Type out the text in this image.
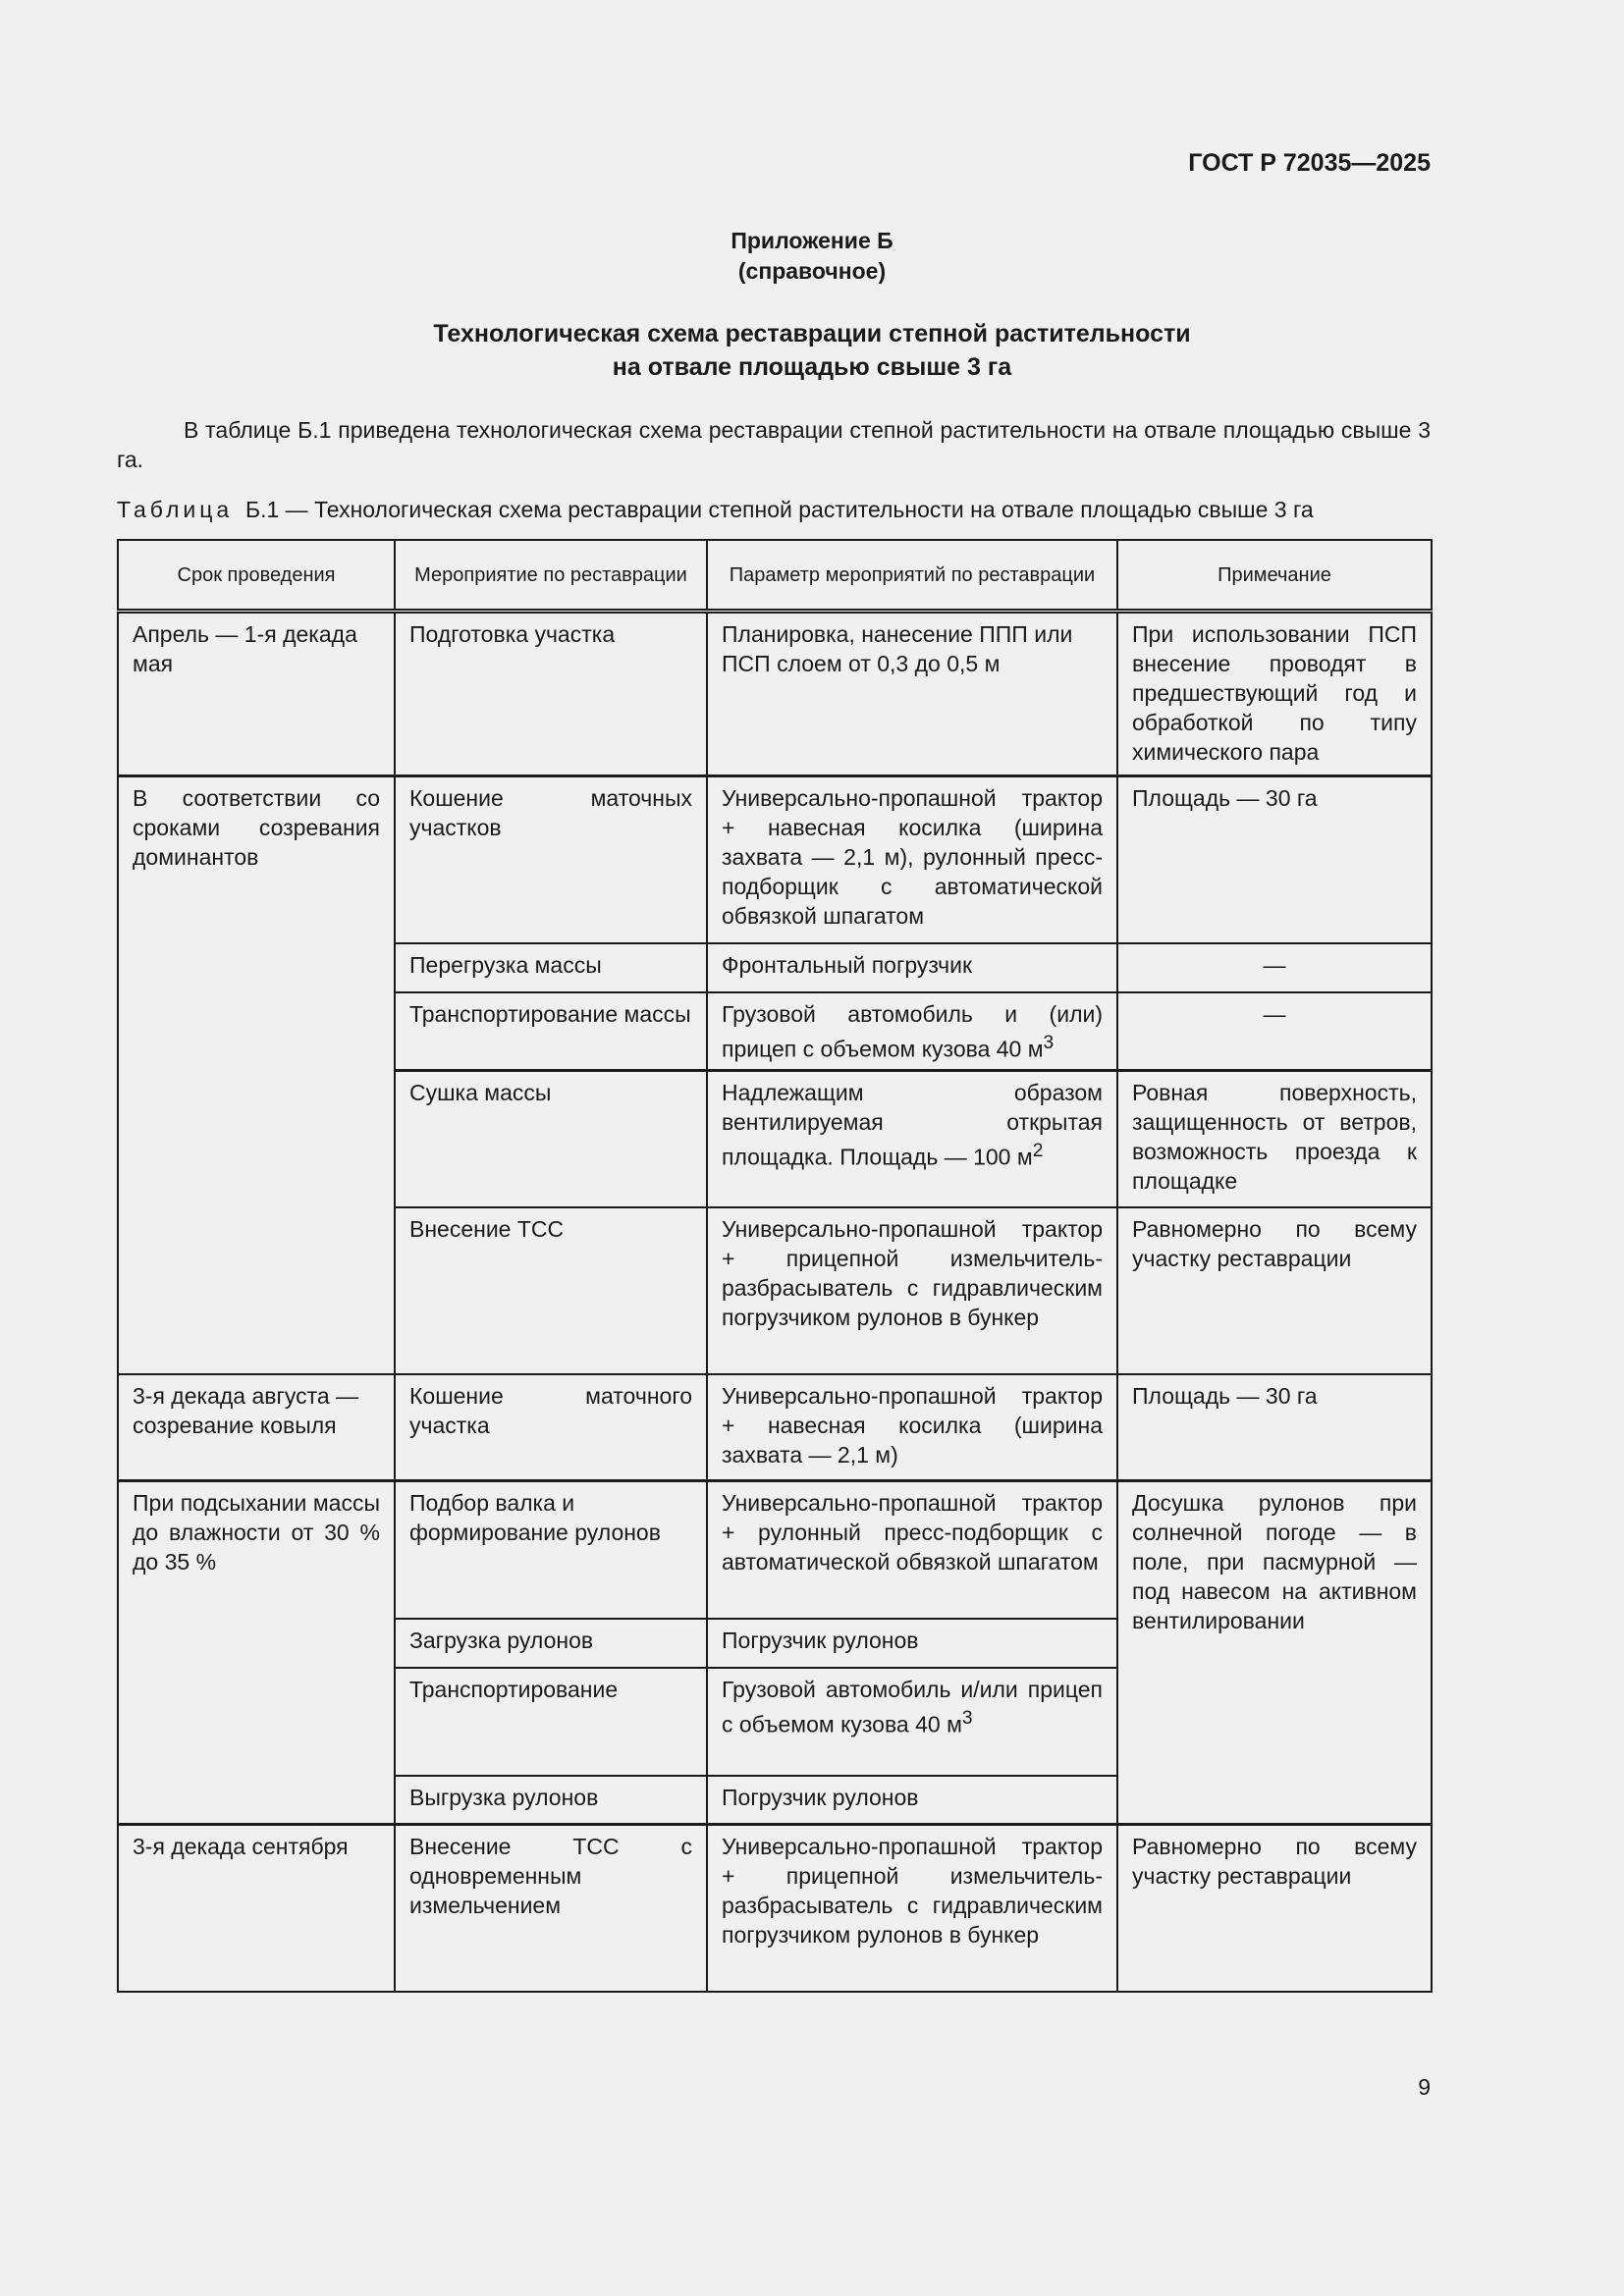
ГОСТ Р 72035—2025
Приложение Б
(справочное)
Технологическая схема реставрации степной растительности
на отвале площадью свыше 3 га
В таблице Б.1 приведена технологическая схема реставрации степной растительности на отвале площадью свыше 3 га.
Таблица Б.1 — Технологическая схема реставрации степной растительности на отвале площадью свыше 3 га
Срок проведения	Мероприятие по реставрации	Параметр мероприятий по реставрации	Примечание
Апрель — 1-я декада мая	Подготовка участка	Планировка, нанесение ППП или ПСП слоем от 0,3 до 0,5 м	При использовании ПСП внесение проводят в предшествующий год и обработкой по типу химического пара
В соответствии со сроками созревания доминантов	Кошение маточных участков	Универсально-пропашной трактор + навесная косилка (ширина захвата — 2,1 м), рулонный пресс-подборщик с автоматической обвязкой шпагатом	Площадь — 30 га
	Перегрузка массы	Фронтальный погрузчик	—
	Транспортирование массы	Грузовой автомобиль и (или) прицеп с объемом кузова 40 $м^3$	—
	Сушка массы	Надлежащим образом вентилируемая открытая площадка. Площадь — 100 $м^2$	Ровная поверхность, защищенность от ветров, возможность проезда к площадке
	Внесение ТСС	Универсально-пропашной трактор + прицепной измельчитель-разбрасыватель с гидравлическим погрузчиком рулонов в бункер	Равномерно по всему участку реставрации
3-я декада августа — созревание ковыля	Кошение маточного участка	Универсально-пропашной трактор + навесная косилка (ширина захвата — 2,1 м)	Площадь — 30 га
При подсыхании массы до влажности от 30 % до 35 %	Подбор валка и формирование рулонов	Универсально-пропашной трактор + рулонный пресс-подборщик с автоматической обвязкой шпагатом	Досушка рулонов при солнечной погоде — в поле, при пасмурной — под навесом на активном вентилировании
	Загрузка рулонов	Погрузчик рулонов	
	Транспортирование	Грузовой автомобиль и/или прицеп с объемом кузова 40 $м^3$
	Выгрузка рулонов	Погрузчик рулонов	
3-я декада сентября	Внесение ТСС с одновременным измельчением	Универсально-пропашной трактор + прицепной измельчитель-разбрасыватель с гидравлическим погрузчиком рулонов в бункер	Равномерно по всему участку реставрации
9
